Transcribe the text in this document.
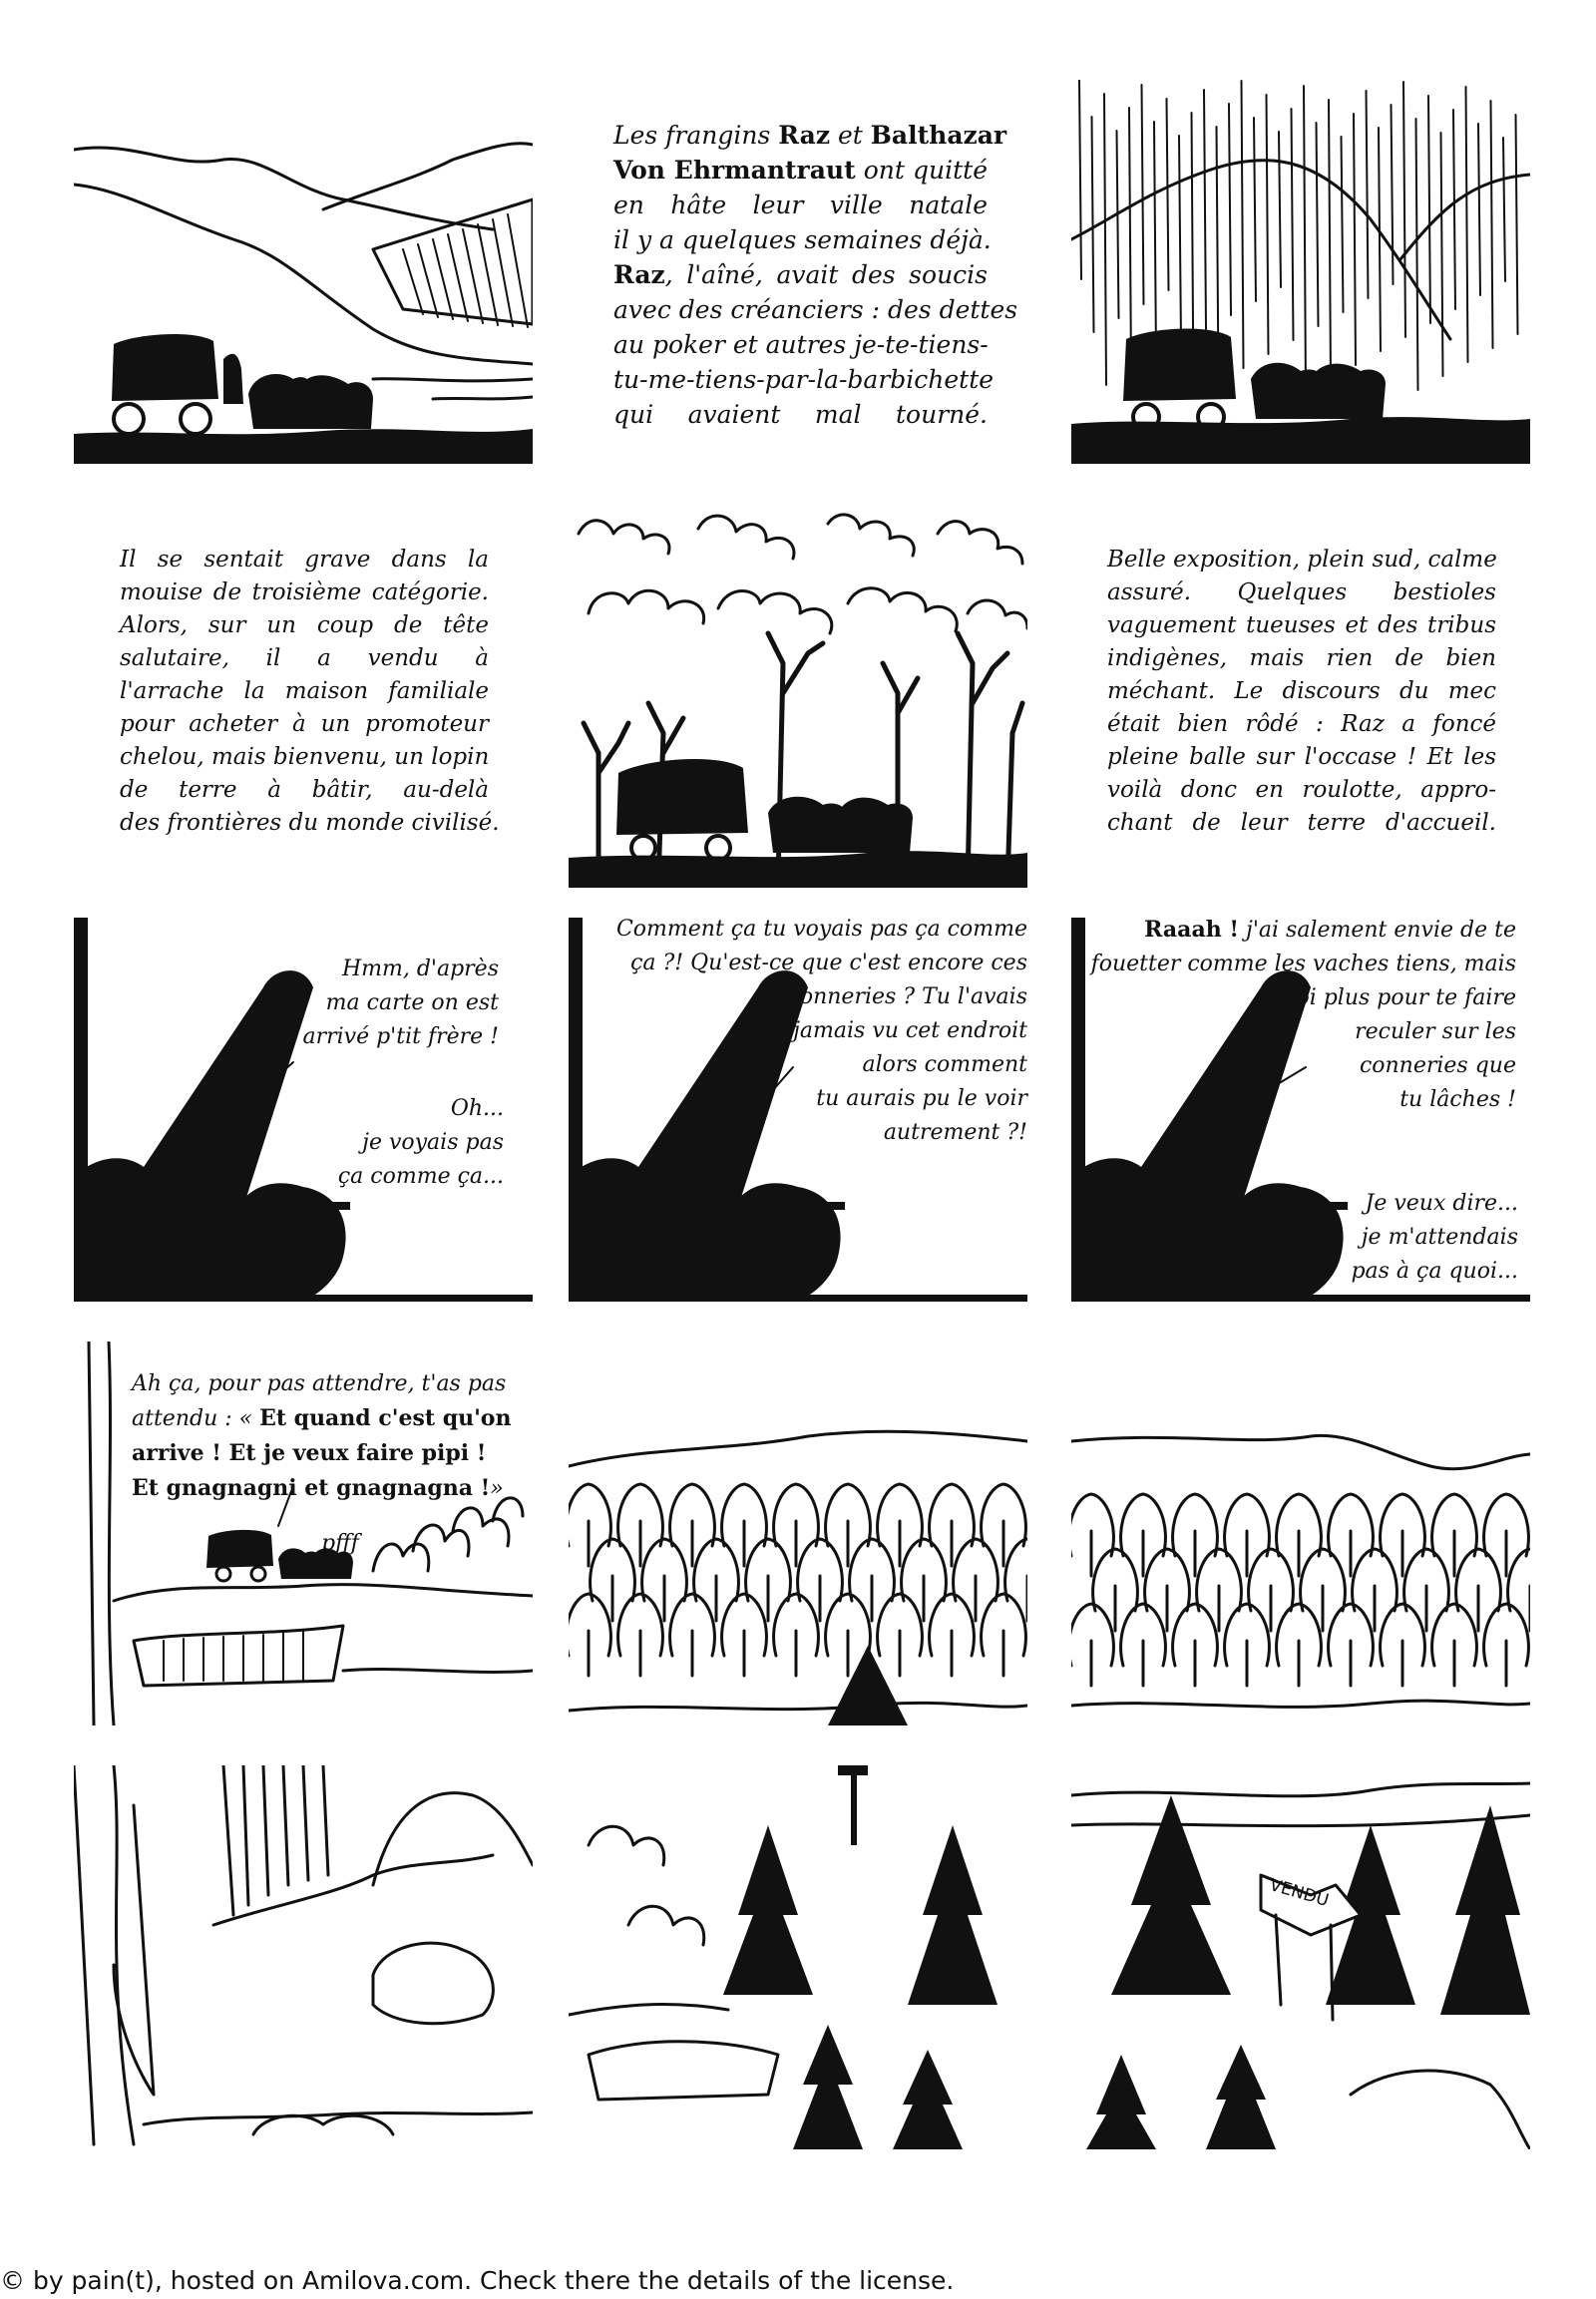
Les frangins Raz et Balthazar
Von Ehrmantraut ont quitté
en hâte leur ville natale
il y a quelques semaines déjà.
Raz, l'aîné, avait des soucis
avec des créanciers : des dettes
au poker et autres je-te-tiens-
tu-me-tiens-par-la-barbichette
qui avaient mal tourné.
Il se sentait grave dans la
mouise de troisième catégorie.
Alors, sur un coup de tête
salutaire, il a vendu à
l'arrache la maison familiale
pour acheter à un promoteur
chelou, mais bienvenu, un lopin
de terre à bâtir, au-delà
des frontières du monde civilisé.
Belle exposition, plein sud, calme
assuré. Quelques bestioles
vaguement tueuses et des tribus
indigènes, mais rien de bien
méchant. Le discours du mec
était bien rôdé : Raz a foncé
pleine balle sur l'occase ! Et les
voilà donc en roulotte, appro-
chant de leur terre d'accueil.
Hmm, d'après
ma carte on est
arrivé p'tit frère !
Oh...
je voyais pas
ça comme ça...
Comment ça tu voyais pas ça comme
ça ?! Qu'est-ce que c'est encore ces
conneries ? Tu l'avais
jamais vu cet endroit
alors comment
tu aurais pu le voir
autrement ?!
Raaah ! j'ai salement envie de te
fouetter comme les vaches tiens, mais
toi plus pour te faire
reculer sur les
conneries que
tu lâches !
Je veux dire...
je m'attendais
pas à ça quoi...
Ah ça, pour pas attendre, t'as pas
attendu : « Et quand c'est qu'on
arrive ! Et je veux faire pipi !
Et gnagnagni et gnagnagna !»
pfff
VENDU
© by pain(t), hosted on Amilova.com. Check there the details of the license.
